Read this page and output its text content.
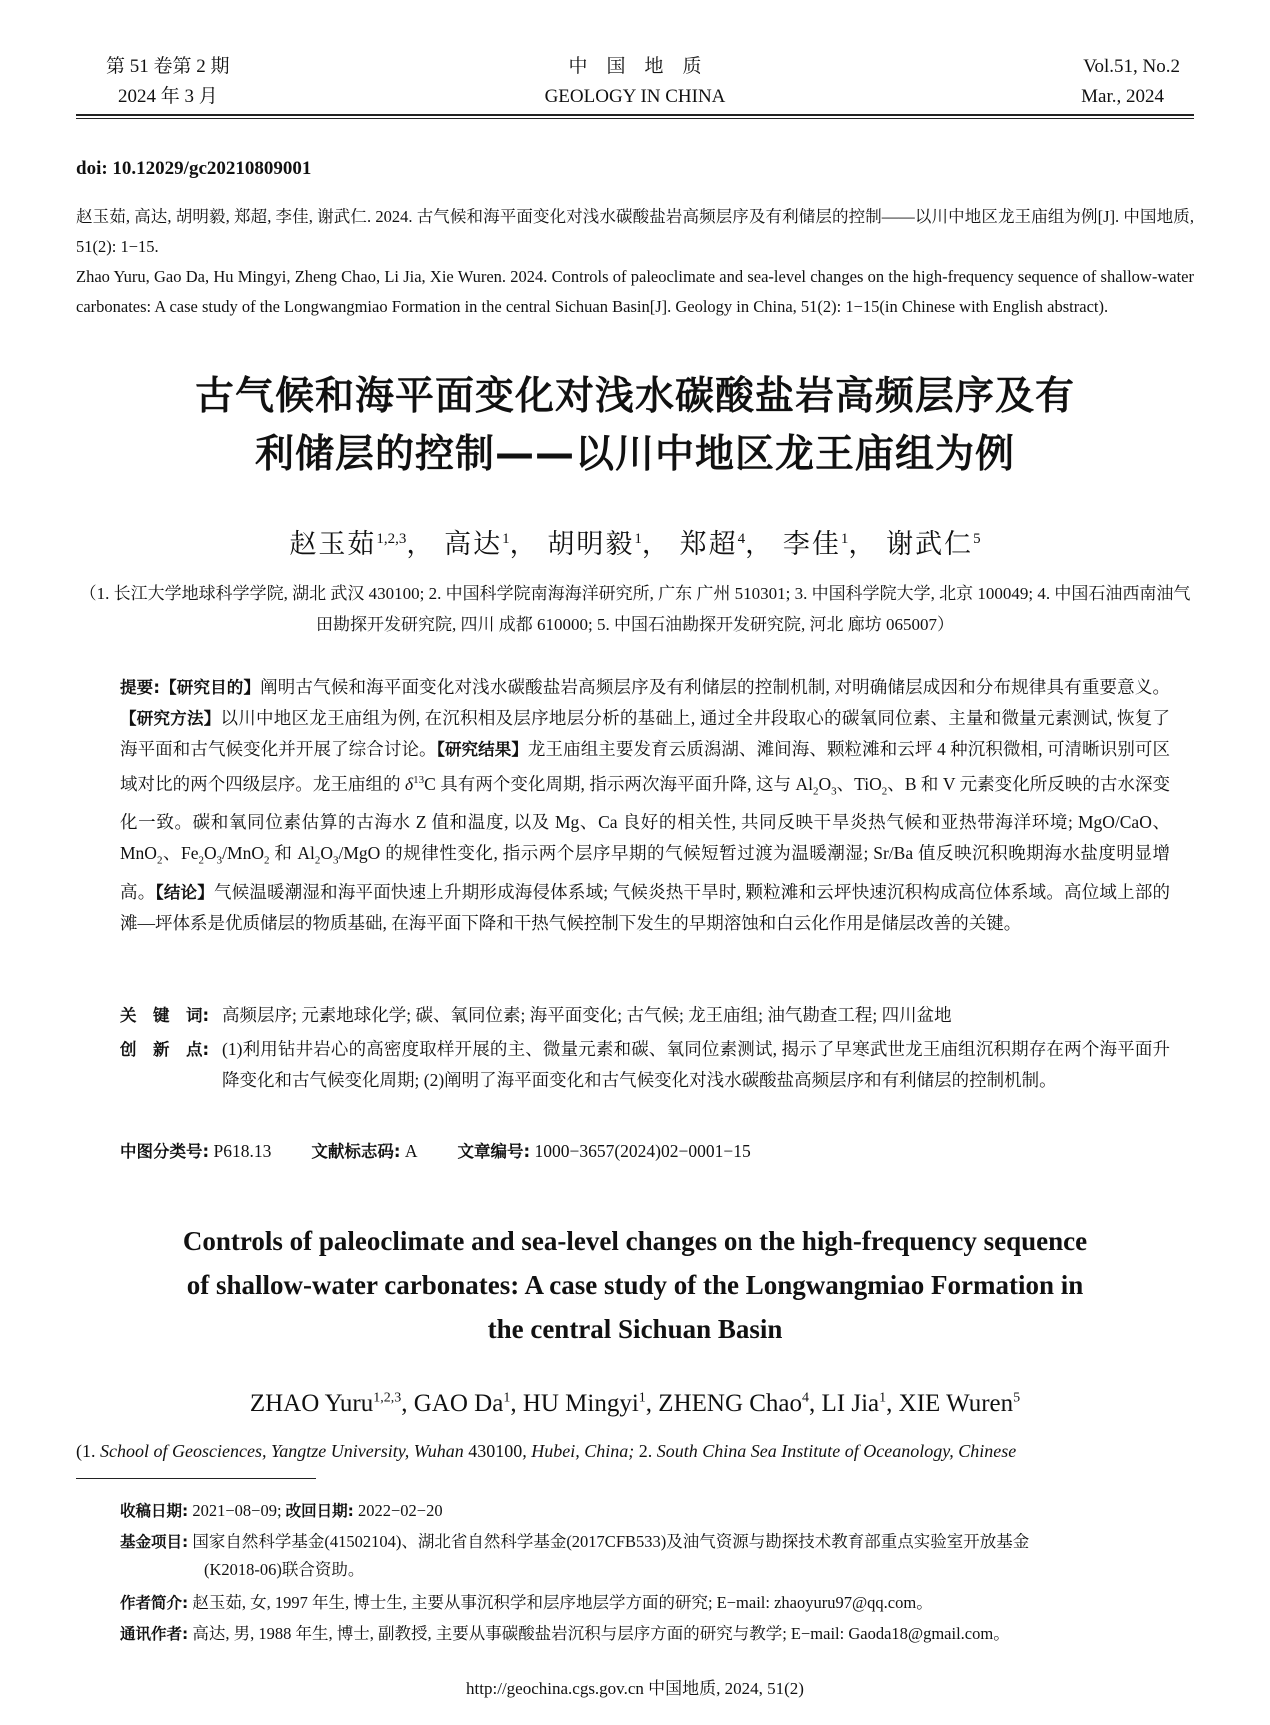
第 51 卷第 2 期
2024 年 3 月
中　国　地　质
GEOLOGY IN CHINA
Vol.51, No.2
Mar., 2024
doi: 10.12029/gc20210809001
赵玉茹, 高达, 胡明毅, 郑超, 李佳, 谢武仁. 2024. 古气候和海平面变化对浅水碳酸盐岩高频层序及有利储层的控制——以川中地区龙王庙组为例[J]. 中国地质, 51(2): 1−15.
Zhao Yuru, Gao Da, Hu Mingyi, Zheng Chao, Li Jia, Xie Wuren. 2024. Controls of paleoclimate and sea-level changes on the high-frequency sequence of shallow-water carbonates: A case study of the Longwangmiao Formation in the central Sichuan Basin[J]. Geology in China, 51(2): 1−15(in Chinese with English abstract).
古气候和海平面变化对浅水碳酸盐岩高频层序及有
利储层的控制——以川中地区龙王庙组为例
赵玉茹$^{1,2,3}$， 高达$^1$， 胡明毅$^1$， 郑超$^4$， 李佳$^1$， 谢武仁$^5$
（1. 长江大学地球科学学院, 湖北 武汉 430100; 2. 中国科学院南海海洋研究所, 广东 广州 510301; 3. 中国科学院大学, 北京 100049; 4. 中国石油西南油气田勘探开发研究院, 四川 成都 610000; 5. 中国石油勘探开发研究院, 河北 廊坊 065007）
提要:【研究目的】阐明古气候和海平面变化对浅水碳酸盐岩高频层序及有利储层的控制机制, 对明确储层成因和分布规律具有重要意义。【研究方法】以川中地区龙王庙组为例, 在沉积相及层序地层分析的基础上, 通过全井段取心的碳氧同位素、主量和微量元素测试, 恢复了海平面和古气候变化并开展了综合讨论。【研究结果】龙王庙组主要发育云质潟湖、滩间海、颗粒滩和云坪 4 种沉积微相, 可清晰识别可区域对比的两个四级层序。龙王庙组的 $\delta^{13}C$ 具有两个变化周期, 指示两次海平面升降, 这与 $Al_2O_3$、TiO$_2$、B 和 V 元素变化所反映的古水深变化一致。碳和氧同位素估算的古海水 Z 值和温度, 以及 Mg、Ca 良好的相关性, 共同反映干旱炎热气候和亚热带海洋环境; MgO/CaO、MnO$_2$、$Fe_2O_3/MnO_2$ 和 $Al_2O_3$/MgO 的规律性变化, 指示两个层序早期的气候短暂过渡为温暖潮湿; Sr/Ba 值反映沉积晚期海水盐度明显增高。【结论】气候温暖潮湿和海平面快速上升期形成海侵体系域; 气候炎热干旱时, 颗粒滩和云坪快速沉积构成高位体系域。高位域上部的滩—坪体系是优质储层的物质基础, 在海平面下降和干热气候控制下发生的早期溶蚀和白云化作用是储层改善的关键。
关　键　词: 高频层序; 元素地球化学; 碳、氧同位素; 海平面变化; 古气候; 龙王庙组; 油气勘查工程; 四川盆地
创　新　点: (1)利用钻井岩心的高密度取样开展的主、微量元素和碳、氧同位素测试, 揭示了早寒武世龙王庙组沉积期存在两个海平面升降变化和古气候变化周期; (2)阐明了海平面变化和古气候变化对浅水碳酸盐高频层序和有利储层的控制机制。
中图分类号: P618.13 文献标志码: A 文章编号: 1000−3657(2024)02−0001−15
Controls of paleoclimate and sea-level changes on the high-frequency sequence
of shallow-water carbonates: A case study of the Longwangmiao Formation in
the central Sichuan Basin
ZHAO Yuru$^{1,2,3}$, GAO Da$^1$, HU Mingyi$^1$, ZHENG Chao$^4$, LI Jia$^1$, XIE Wuren$^5$
(1. School of Geosciences, Yangtze University, Wuhan 430100, Hubei, China; 2. South China Sea Institute of Oceanology, Chinese
收稿日期: 2021−08−09; 改回日期: 2022−02−20
基金项目: 国家自然科学基金(41502104)、湖北省自然科学基金(2017CFB533)及油气资源与勘探技术教育部重点实验室开放基金
(K2018-06)联合资助。
作者简介: 赵玉茹, 女, 1997 年生, 博士生, 主要从事沉积学和层序地层学方面的研究; E−mail: zhaoyuru97@qq.com。
通讯作者: 高达, 男, 1988 年生, 博士, 副教授, 主要从事碳酸盐岩沉积与层序方面的研究与教学; E−mail: Gaoda18@gmail.com。
http://geochina.cgs.gov.cn 中国地质, 2024, 51(2)
